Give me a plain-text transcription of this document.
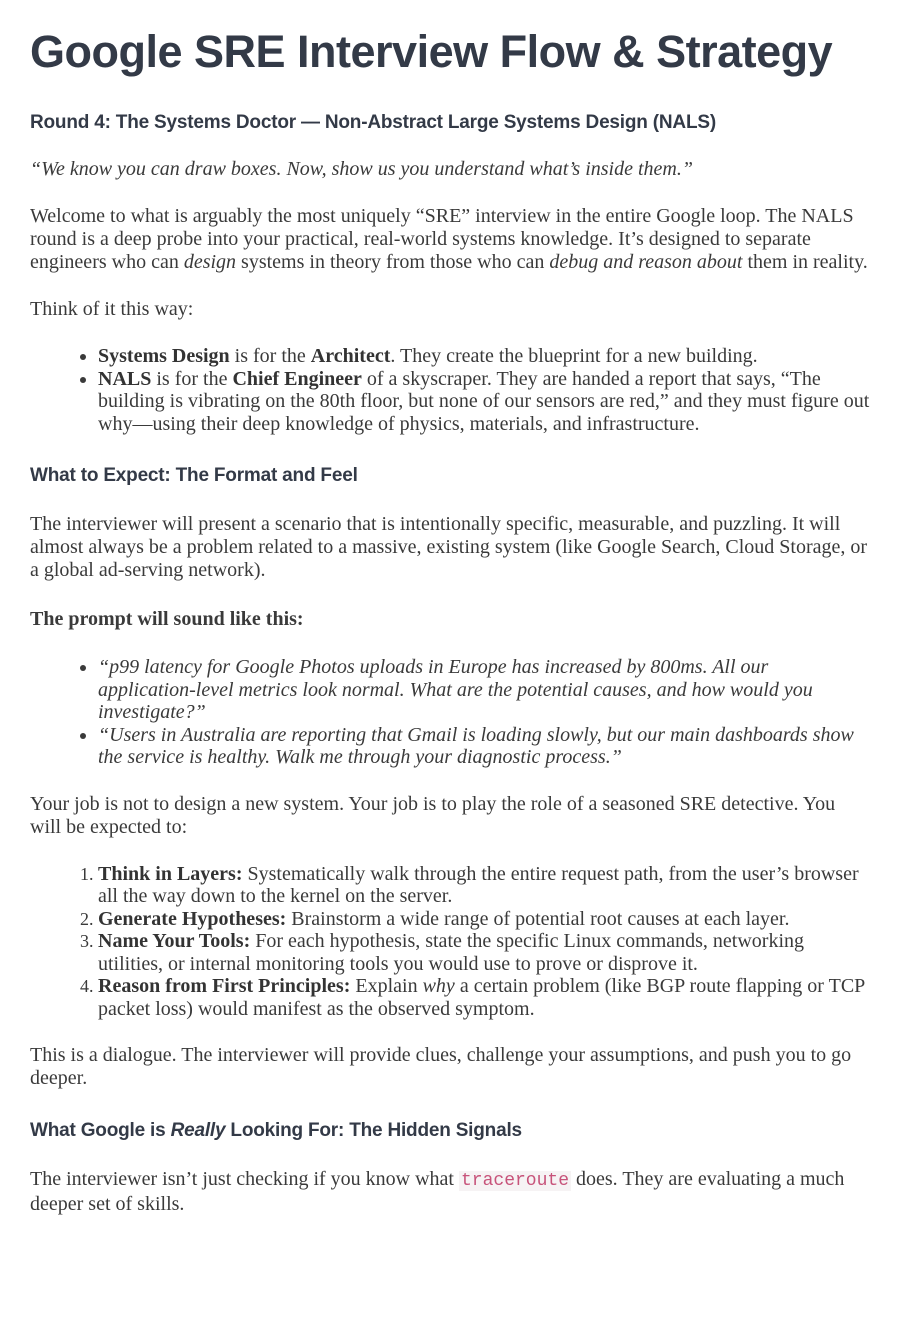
Google SRE Interview Flow & Strategy
Round 4: The Systems Doctor — Non-Abstract Large Systems Design (NALS)

“We know you can draw boxes. Now, show us you understand what’s inside them.”

Welcome to what is arguably the most uniquely “SRE” interview in the entire Google loop. The NALS round is a deep probe into your practical, real-world systems knowledge. It’s designed to separate engineers who can design systems in theory from those who can debug and reason about them in reality.

Think of it this way:

• Systems Design is for the Architect. They create the blueprint for a new building.
• NALS is for the Chief Engineer of a skyscraper. They are handed a report that says, “The building is vibrating on the 80th floor, but none of our sensors are red,” and they must figure out why—using their deep knowledge of physics, materials, and infrastructure.
What to Expect: The Format and Feel

The interviewer will present a scenario that is intentionally specific, measurable, and puzzling. It will almost always be a problem related to a massive, existing system (like Google Search, Cloud Storage, or a global ad-serving network).

The prompt will sound like this:
• “p99 latency for Google Photos uploads in Europe has increased by 800ms. All our application-level metrics look normal. What are the potential causes, and how would you investigate?”
• “Users in Australia are reporting that Gmail is loading slowly, but our main dashboards show the service is healthy. Walk me through your diagnostic process.”

Your job is not to design a new system. Your job is to play the role of a seasoned SRE detective. You will be expected to:

1. Think in Layers: Systematically walk through the entire request path, from the user’s browser all the way down to the kernel on the server.
2. Generate Hypotheses: Brainstorm a wide range of potential root causes at each layer.
3. Name Your Tools: For each hypothesis, state the specific Linux commands, networking utilities, or internal monitoring tools you would use to prove or disprove it.
4. Reason from First Principles: Explain why a certain problem (like BGP route flapping or TCP packet loss) would manifest as the observed symptom.

This is a dialogue. The interviewer will provide clues, challenge your assumptions, and push you to go deeper.

What Google is Really Looking For: The Hidden Signals

The interviewer isn’t just checking if you know what traceroute does. They are evaluating a much deeper set of skills.
